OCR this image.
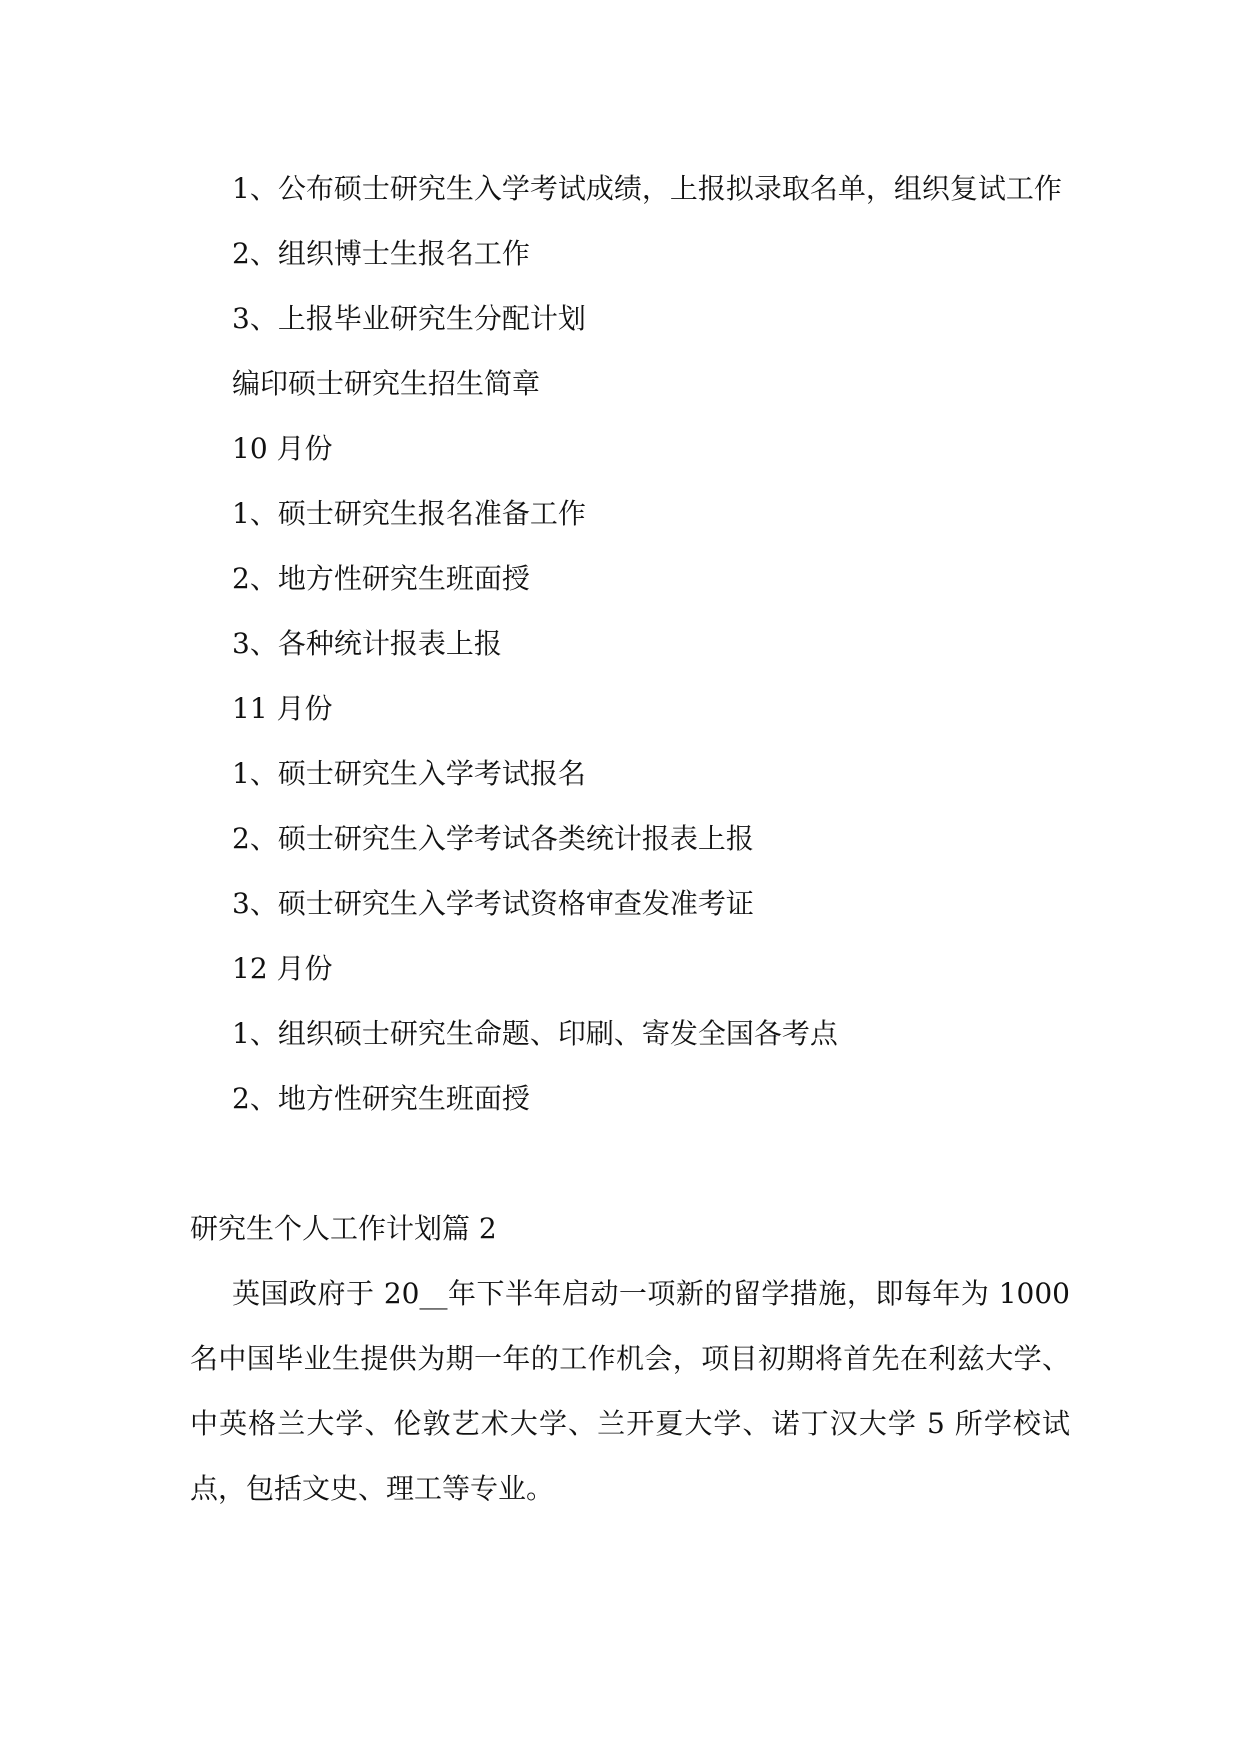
1、公布硕士研究生入学考试成绩，上报拟录取名单，组织复试工作

2、组织博士生报名工作

3、上报毕业研究生分配计划

编印硕士研究生招生简章

10 月份

1、硕士研究生报名准备工作

2、地方性研究生班面授

3、各种统计报表上报

11 月份

1、硕士研究生入学考试报名

2、硕士研究生入学考试各类统计报表上报

3、硕士研究生入学考试资格审查发准考证

12 月份

1、组织硕士研究生命题、印刷、寄发全国各考点

2、地方性研究生班面授

研究生个人工作计划篇 2

英国政府于 20__年下半年启动一项新的留学措施，即每年为 1000 名中国毕业生提供为期一年的工作机会，项目初期将首先在利兹大学、中英格兰大学、伦敦艺术大学、兰开夏大学、诺丁汉大学 5 所学校试点，包括文史、理工等专业。
